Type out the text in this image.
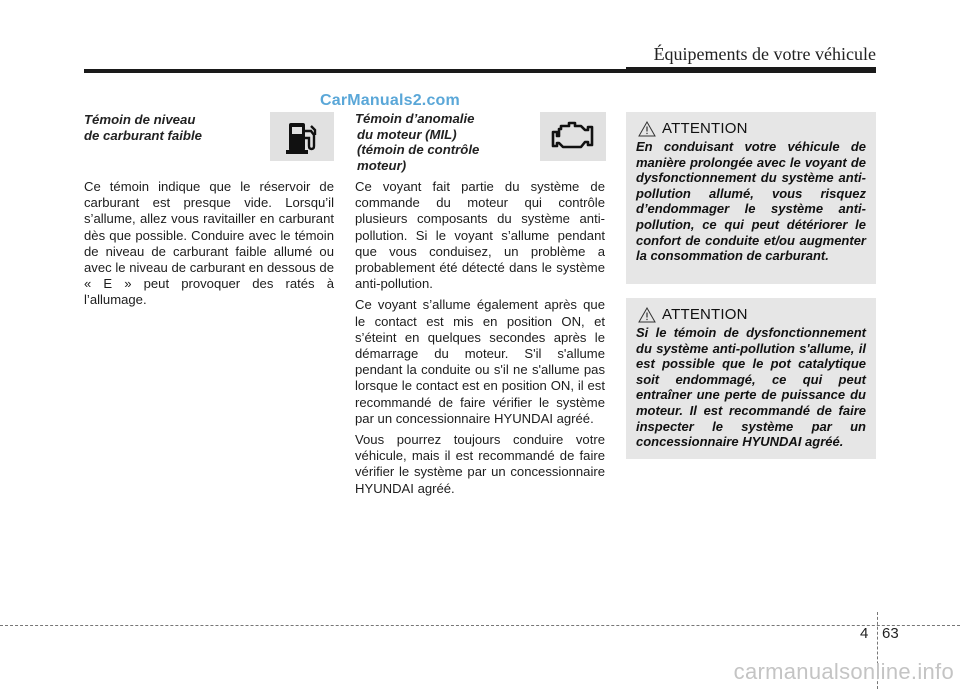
Équipements de votre véhicule
CarManuals2.com
Témoin de niveau
de carburant faible

Ce témoin indique que le réservoir de carburant est presque vide. Lorsqu’il s’allume, allez vous ravitailler en carburant dès que possible. Conduire avec le témoin de niveau de carburant faible allumé ou avec le niveau de carburant en dessous de « E » peut provoquer des ratés à l’allumage.

Témoin d’anomalie
du moteur (MIL)
(témoin de contrôle
moteur)

Ce voyant fait partie du système de commande du moteur qui contrôle plusieurs composants du système anti-pollution. Si le voyant s’allume pendant que vous conduisez, un problème a probablement été détecté dans le système anti-pollution.

Ce voyant s’allume également après que le contact est mis en position ON, et s’éteint en quelques secondes après le démarrage du moteur. S'il s'allume pendant la conduite ou s'il ne s'allume pas lorsque le contact est en position ON, il est recommandé de faire vérifier le système par un concessionnaire HYUNDAI agréé.

Vous pourrez toujours conduire votre véhicule, mais il est recommandé de faire vérifier le système par un concessionnaire HYUNDAI agréé.

ATTENTION
En conduisant votre véhicule de manière prolongée avec le voyant de dysfonctionnement du système anti-pollution allumé, vous risquez d’endommager le système anti-pollution, ce qui peut détériorer le confort de conduite et/ou augmenter la consommation de carburant.
ATTENTION
Si le témoin de dysfonctionnement du système anti-pollution s'allume, il est possible que le pot catalytique soit endommagé, ce qui peut entraîner une perte de puissance du moteur. Il est recommandé de faire inspecter le système par un concessionnaire HYUNDAI agréé.
4 63
carmanualsonline.info
